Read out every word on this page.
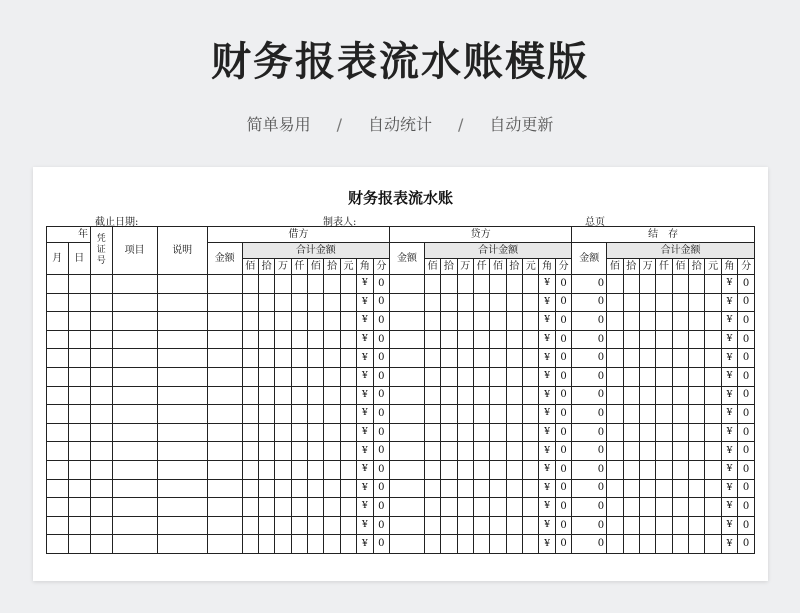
财务报表流水账模版
简单易用 / 自动统计 / 自动更新
财务报表流水账
截止日期:	制表人:	总页
年		凭证号	项目	说明	借方										贷方										结　存									
月	日				金额	合计金额									金额	合计金额									金额	合计金额								
						佰	拾	万	仟	佰	拾	元	角	分		佰	拾	万	仟	佰	拾	元	角	分		佰	拾	万	仟	佰	拾	元	角	分
													¥	0									¥	0	0								¥	0
													¥	0									¥	0	0								¥	0
													¥	0									¥	0	0								¥	0
													¥	0									¥	0	0								¥	0
													¥	0									¥	0	0								¥	0
													¥	0									¥	0	0								¥	0
													¥	0									¥	0	0								¥	0
													¥	0									¥	0	0								¥	0
													¥	0									¥	0	0								¥	0
													¥	0									¥	0	0								¥	0
													¥	0									¥	0	0								¥	0
													¥	0									¥	0	0								¥	0
													¥	0									¥	0	0								¥	0
													¥	0									¥	0	0								¥	0
													¥	0									¥	0	0								¥	0
